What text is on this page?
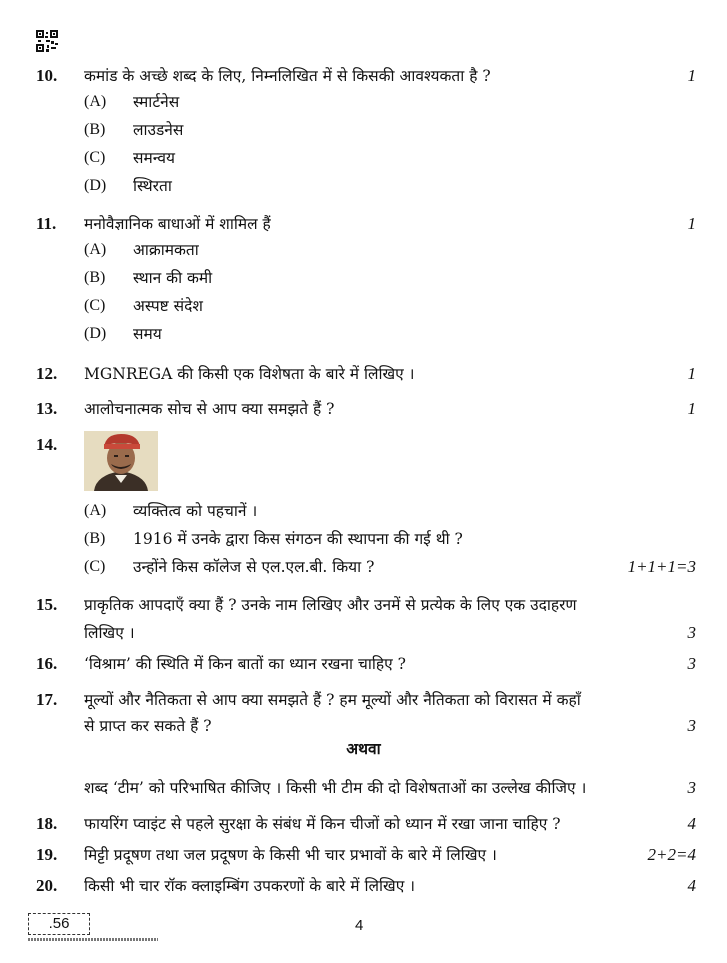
10.	कमांड के अच्छे शब्द के लिए, निम्नलिखित में से किसकी आवश्यकता है ?	1
(A) स्मार्टनेस
(B) लाउडनेस
(C) समन्वय
(D) स्थिरता
11.	मनोवैज्ञानिक बाधाओं में शामिल हैं	1
(A) आक्रामकता
(B) स्थान की कमी
(C) अस्पष्ट संदेश
(D) समय
12.	MGNREGA की किसी एक विशेषता के बारे में लिखिए ।	1
13.	आलोचनात्मक सोच से आप क्या समझते हैं ?	1
14.
(A) व्यक्तित्व को पहचानें ।
(B) 1916 में उनके द्वारा किस संगठन की स्थापना की गई थी ?
(C) उन्होंने किस कॉलेज से एल.एल.बी. किया ?	1+1+1=3
15.	प्राकृतिक आपदाएँ क्या हैं ? उनके नाम लिखिए और उनमें से प्रत्येक के लिए एक उदाहरण
लिखिए ।	3
16.	‘विश्राम’ की स्थिति में किन बातों का ध्यान रखना चाहिए ?	3
17.	मूल्यों और नैतिकता से आप क्या समझते हैं ? हम मूल्यों और नैतिकता को विरासत में कहाँ
से प्राप्त कर सकते हैं ?	3
अथवा
शब्द ‘टीम’ को परिभाषित कीजिए । किसी भी टीम की दो विशेषताओं का उल्लेख कीजिए ।	3
18.	फायरिंग प्वाइंट से पहले सुरक्षा के संबंध में किन चीजों को ध्यान में रखा जाना चाहिए ?	4
19.	मिट्टी प्रदूषण तथा जल प्रदूषण के किसी भी चार प्रभावों के बारे में लिखिए ।	2+2=4
20.	किसी भी चार रॉक क्लाइम्बिंग उपकरणों के बारे में लिखिए ।	4
.56	4
